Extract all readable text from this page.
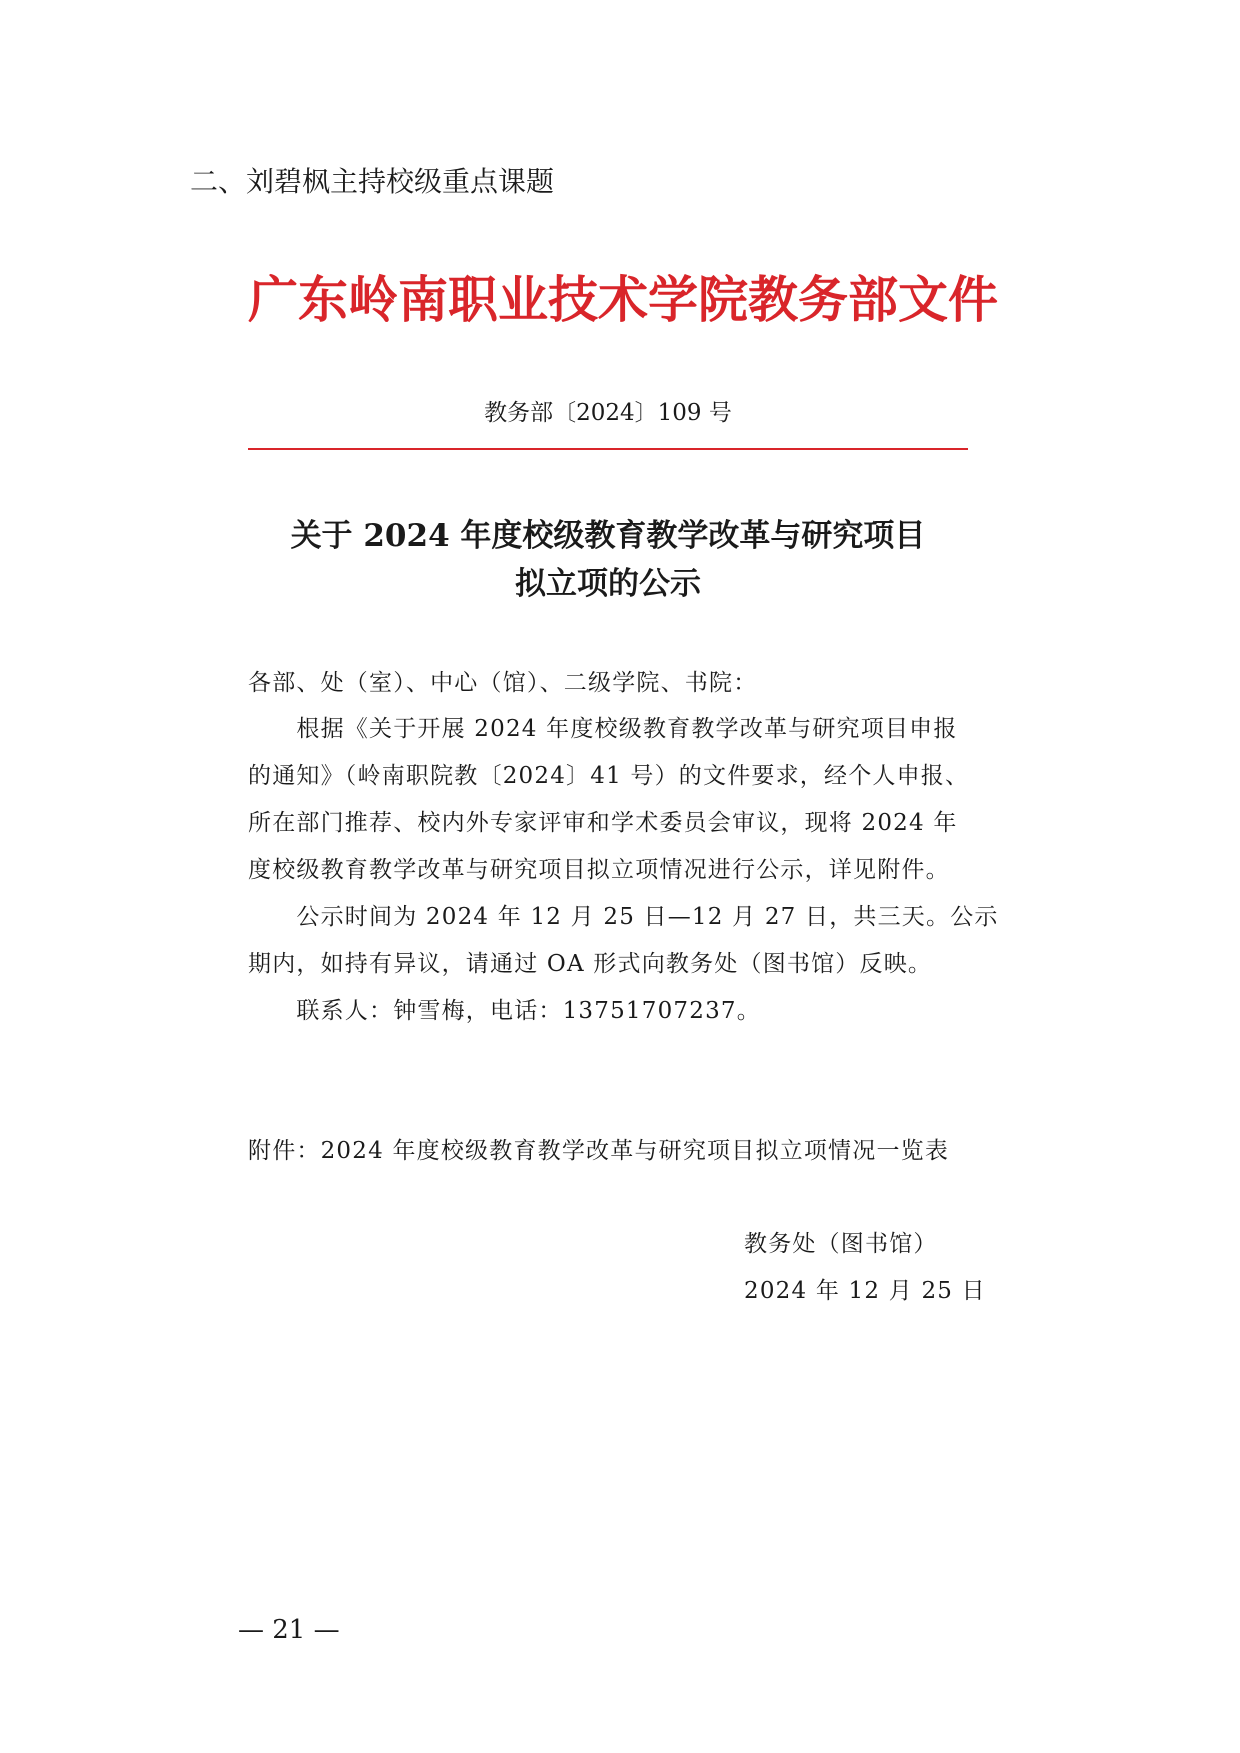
二、刘碧枫主持校级重点课题
广东岭南职业技术学院教务部文件
教务部〔2024〕109 号
关于 2024 年度校级教育教学改革与研究项目
拟立项的公示
各部、处（室）、中心（馆）、二级学院、书院：
　　根据《关于开展 2024 年度校级教育教学改革与研究项目申报
的通知》（岭南职院教〔2024〕41 号）的文件要求，经个人申报、
所在部门推荐、校内外专家评审和学术委员会审议，现将 2024 年
度校级教育教学改革与研究项目拟立项情况进行公示，详见附件。
　　公示时间为 2024 年 12 月 25 日—12 月 27 日，共三天。公示
期内，如持有异议，请通过 OA 形式向教务处（图书馆）反映。
　　联系人：钟雪梅，电话：13751707237。
附件：2024 年度校级教育教学改革与研究项目拟立项情况一览表
教务处（图书馆）
2024 年 12 月 25 日
— 21 —
